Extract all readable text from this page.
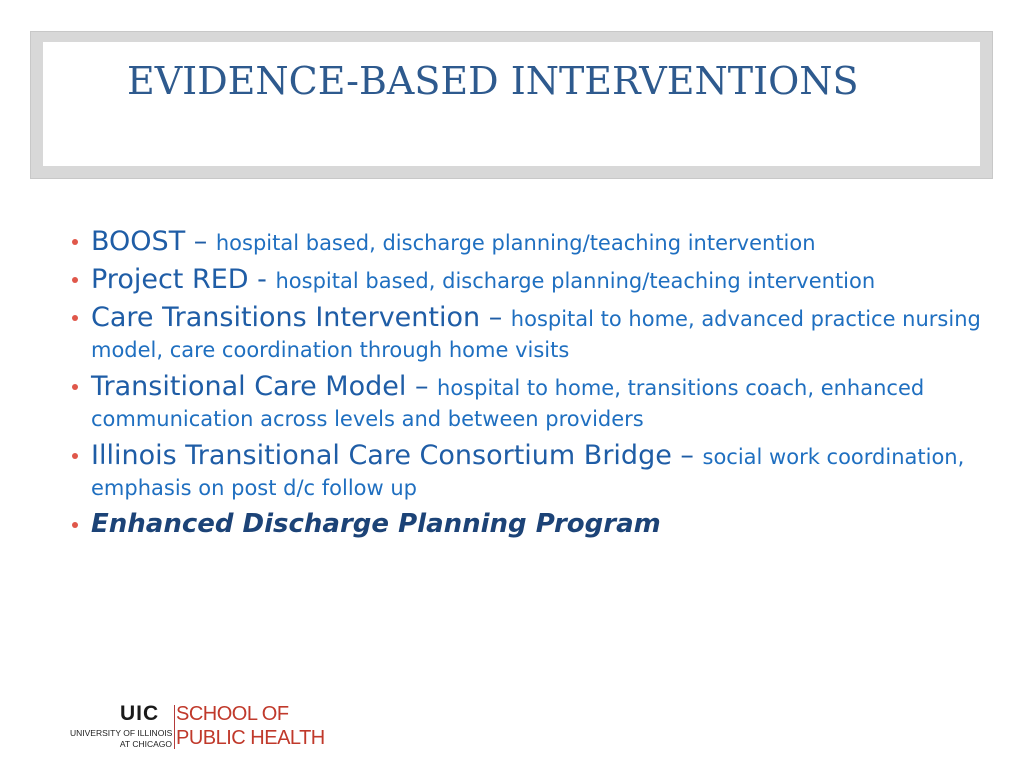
EVIDENCE-BASED INTERVENTIONS
BOOST – hospital based, discharge planning/teaching intervention
Project RED - hospital based, discharge planning/teaching intervention
Care Transitions Intervention – hospital to home, advanced practice nursing model, care coordination through home visits
Transitional Care Model – hospital to home, transitions coach, enhanced communication across levels and between providers
Illinois Transitional Care Consortium Bridge – social work coordination, emphasis on post d/c follow up
Enhanced Discharge Planning Program
UIC
UNIVERSITY OF ILLINOIS
AT CHICAGO
SCHOOL OF
PUBLIC HEALTH
